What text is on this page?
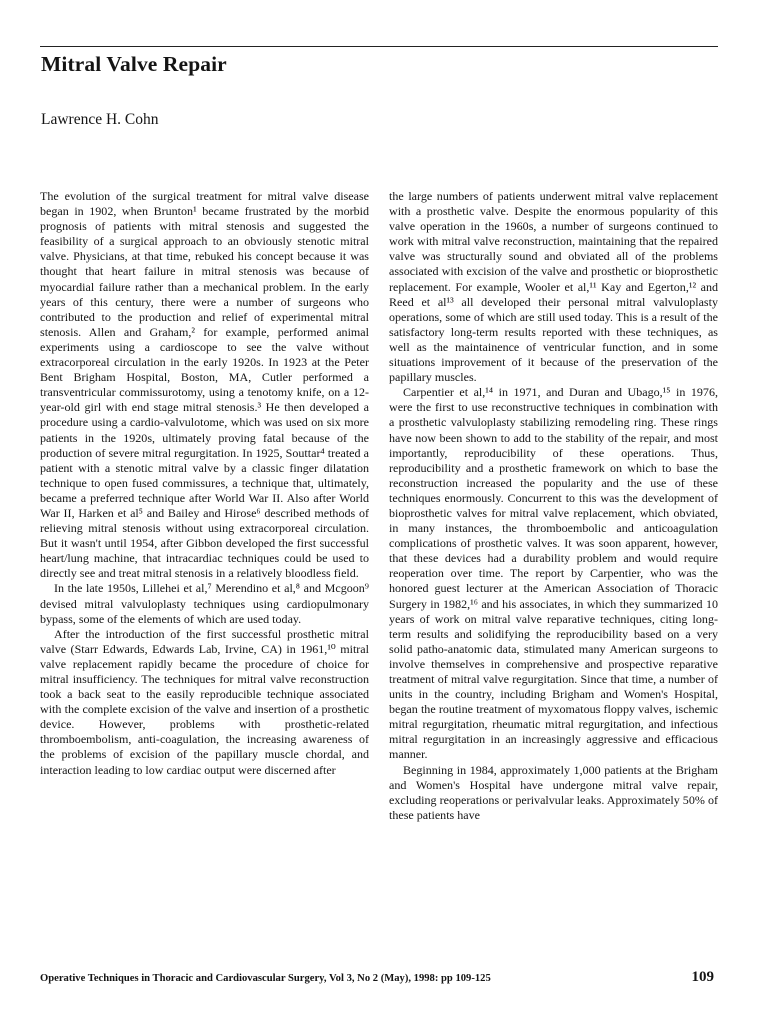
Mitral Valve Repair
Lawrence H. Cohn

The evolution of the surgical treatment for mitral valve disease began in 1902, when Brunton¹ became frustrated by the morbid prognosis of patients with mitral stenosis and suggested the feasibility of a surgical approach to an obviously stenotic mitral valve. Physicians, at that time, rebuked his concept because it was thought that heart failure in mitral stenosis was because of myocardial failure rather than a mechanical problem. In the early years of this century, there were a number of surgeons who contributed to the production and relief of experimental mitral stenosis. Allen and Graham,² for example, performed animal experiments using a cardioscope to see the valve without extracorporeal circulation in the early 1920s. In 1923 at the Peter Bent Brigham Hospital, Boston, MA, Cutler performed a transventricular commissurotomy, using a tenotomy knife, on a 12-year-old girl with end stage mitral stenosis.³ He then developed a procedure using a cardio-valvulotome, which was used on six more patients in the 1920s, ultimately proving fatal because of the production of severe mitral regurgitation. In 1925, Souttar⁴ treated a patient with a stenotic mitral valve by a classic finger dilatation technique to open fused commissures, a technique that, ultimately, became a preferred technique after World War II. Also after World War II, Harken et al⁵ and Bailey and Hirose⁶ described methods of relieving mitral stenosis without using extracorporeal circulation. But it wasn't until 1954, after Gibbon developed the first successful heart/lung machine, that intracardiac techniques could be used to directly see and treat mitral stenosis in a relatively bloodless field.

In the late 1950s, Lillehei et al,⁷ Merendino et al,⁸ and Mcgoon⁹ devised mitral valvuloplasty techniques using cardiopulmonary bypass, some of the elements of which are used today.

After the introduction of the first successful prosthetic mitral valve (Starr Edwards, Edwards Lab, Irvine, CA) in 1961,¹⁰ mitral valve replacement rapidly became the procedure of choice for mitral insufficiency. The techniques for mitral valve reconstruction took a back seat to the easily reproducible technique associated with the complete excision of the valve and insertion of a prosthetic device. However, problems with prosthetic-related thromboembolism, anti-coagulation, the increasing awareness of the problems of excision of the papillary muscle chordal, and interaction leading to low cardiac output were discerned after

the large numbers of patients underwent mitral valve replacement with a prosthetic valve. Despite the enormous popularity of this valve operation in the 1960s, a number of surgeons continued to work with mitral valve reconstruction, maintaining that the repaired valve was structurally sound and obviated all of the problems associated with excision of the valve and prosthetic or bioprosthetic replacement. For example, Wooler et al,¹¹ Kay and Egerton,¹² and Reed et al¹³ all developed their personal mitral valvuloplasty operations, some of which are still used today. This is a result of the satisfactory long-term results reported with these techniques, as well as the maintainence of ventricular function, and in some situations improvement of it because of the preservation of the papillary muscles.

Carpentier et al,¹⁴ in 1971, and Duran and Ubago,¹⁵ in 1976, were the first to use reconstructive techniques in combination with a prosthetic valvuloplasty stabilizing remodeling ring. These rings have now been shown to add to the stability of the repair, and most importantly, reproducibility of these operations. Thus, reproducibility and a prosthetic framework on which to base the reconstruction increased the popularity and the use of these techniques enormously. Concurrent to this was the development of bioprosthetic valves for mitral valve replacement, which obviated, in many instances, the thromboembolic and anticoagulation complications of prosthetic valves. It was soon apparent, however, that these devices had a durability problem and would require reoperation over time. The report by Carpentier, who was the honored guest lecturer at the American Association of Thoracic Surgery in 1982,¹⁶ and his associates, in which they summarized 10 years of work on mitral valve reparative techniques, citing long-term results and solidifying the reproducibility based on a very solid patho-anatomic data, stimulated many American surgeons to involve themselves in comprehensive and prospective reparative treatment of mitral valve regurgitation. Since that time, a number of units in the country, including Brigham and Women's Hospital, began the routine treatment of myxomatous floppy valves, ischemic mitral regurgitation, rheumatic mitral regurgitation, and infectious mitral regurgitation in an increasingly aggressive and efficacious manner.

Beginning in 1984, approximately 1,000 patients at the Brigham and Women's Hospital have undergone mitral valve repair, excluding reoperations or perivalvular leaks. Approximately 50% of these patients have

Operative Techniques in Thoracic and Cardiovascular Surgery, Vol 3, No 2 (May), 1998: pp 109-125	109
